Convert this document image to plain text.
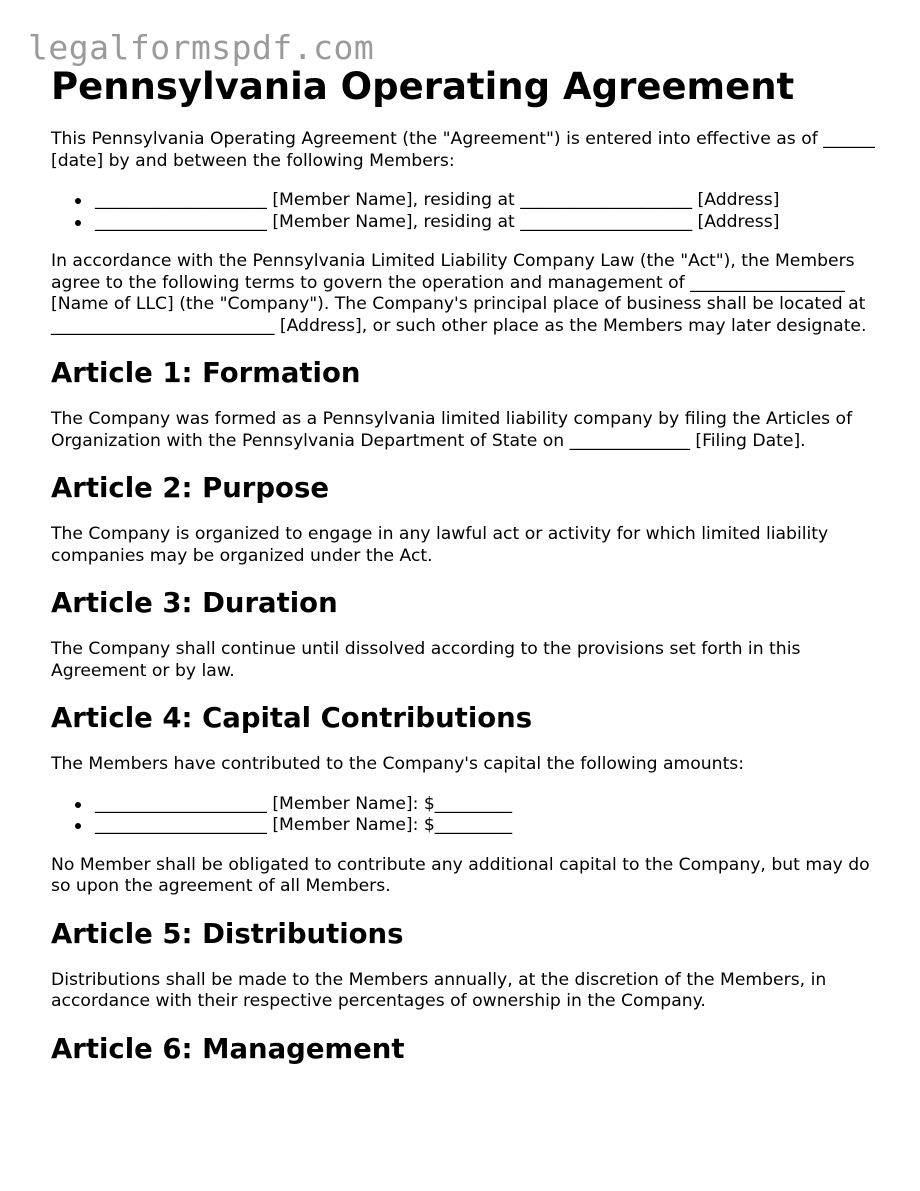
legalformspdf.com
Pennsylvania Operating Agreement

This Pennsylvania Operating Agreement (the "Agreement") is entered into effective as of ______ [date] by and between the following Members:

____________________ [Member Name], residing at ____________________ [Address]
____________________ [Member Name], residing at ____________________ [Address]

In accordance with the Pennsylvania Limited Liability Company Law (the "Act"), the Members agree to the following terms to govern the operation and management of __________________ [Name of LLC] (the "Company"). The Company's principal place of business shall be located at __________________________ [Address], or such other place as the Members may later designate.

Article 1: Formation

The Company was formed as a Pennsylvania limited liability company by filing the Articles of Organization with the Pennsylvania Department of State on ______________ [Filing Date].

Article 2: Purpose

The Company is organized to engage in any lawful act or activity for which limited liability companies may be organized under the Act.

Article 3: Duration

The Company shall continue until dissolved according to the provisions set forth in this Agreement or by law.

Article 4: Capital Contributions

The Members have contributed to the Company's capital the following amounts:

____________________ [Member Name]: $_________
____________________ [Member Name]: $_________

No Member shall be obligated to contribute any additional capital to the Company, but may do so upon the agreement of all Members.

Article 5: Distributions

Distributions shall be made to the Members annually, at the discretion of the Members, in accordance with their respective percentages of ownership in the Company.

Article 6: Management
